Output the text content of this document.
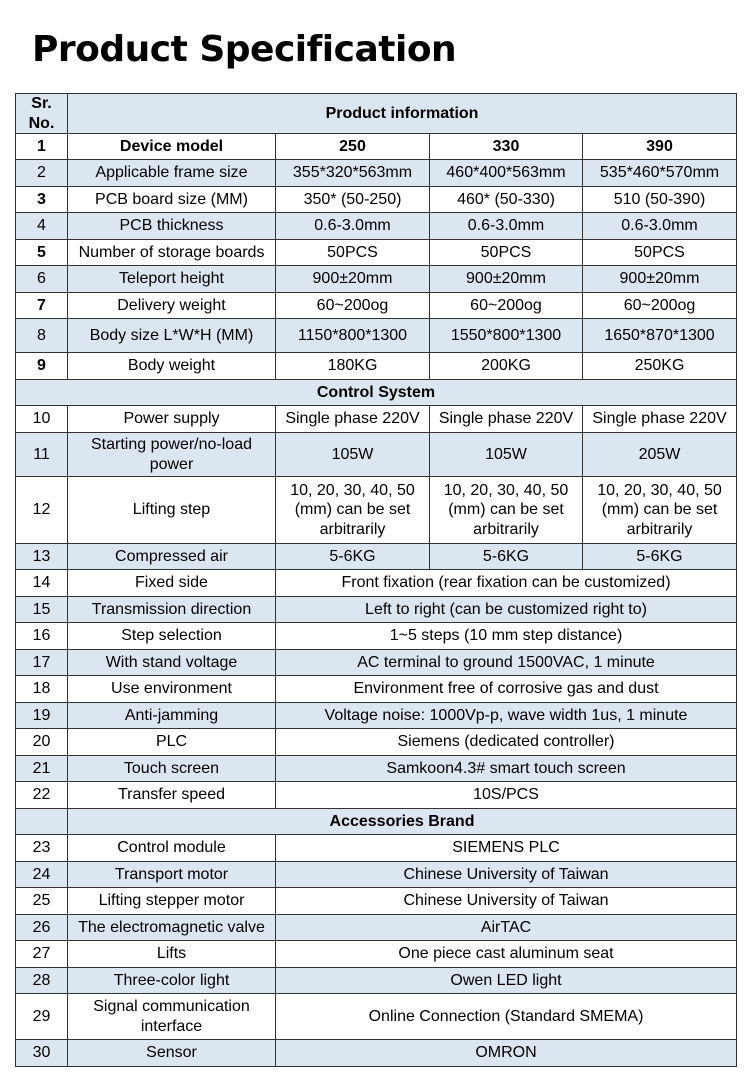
Product Specification
Sr. No.	Product information			
1	Device model	250	330	390
2	Applicable frame size	355*320*563mm	460*400*563mm	535*460*570mm
3	PCB board size (MM)	350* (50-250)	460* (50-330)	510 (50-390)
4	PCB thickness	0.6-3.0mm	0.6-3.0mm	0.6-3.0mm
5	Number of storage boards	50PCS	50PCS	50PCS
6	Teleport height	900±20mm	900±20mm	900±20mm
7	Delivery weight	60~200og	60~200og	60~200og
8	Body size L*W*H (MM)	1150*800*1300	1550*800*1300	1650*870*1300
9	Body weight	180KG	200KG	250KG
Control System				
10	Power supply	Single phase 220V	Single phase 220V	Single phase 220V
11	Starting power/no-load power	105W	105W	205W
12	Lifting step	10, 20, 30, 40, 50 (mm) can be set arbitrarily	10, 20, 30, 40, 50 (mm) can be set arbitrarily	10, 20, 30, 40, 50 (mm) can be set arbitrarily
13	Compressed air	5-6KG	5-6KG	5-6KG
14	Fixed side	Front fixation (rear fixation can be customized)		
15	Transmission direction	Left to right (can be customized right to)		
16	Step selection	1~5 steps (10 mm step distance)		
17	With stand voltage	AC terminal to ground 1500VAC, 1 minute		
18	Use environment	Environment free of corrosive gas and dust		
19	Anti-jamming	Voltage noise: 1000Vp-p, wave width 1us, 1 minute		
20	PLC	Siemens (dedicated controller)		
21	Touch screen	Samkoon4.3# smart touch screen		
22	Transfer speed	10S/PCS		
	Accessories Brand			
23	Control module	SIEMENS PLC		
24	Transport motor	Chinese University of Taiwan		
25	Lifting stepper motor	Chinese University of Taiwan		
26	The electromagnetic valve	AirTAC		
27	Lifts	One piece cast aluminum seat		
28	Three-color light	Owen LED light		
29	Signal communication interface	Online Connection (Standard SMEMA)		
30	Sensor	OMRON		
